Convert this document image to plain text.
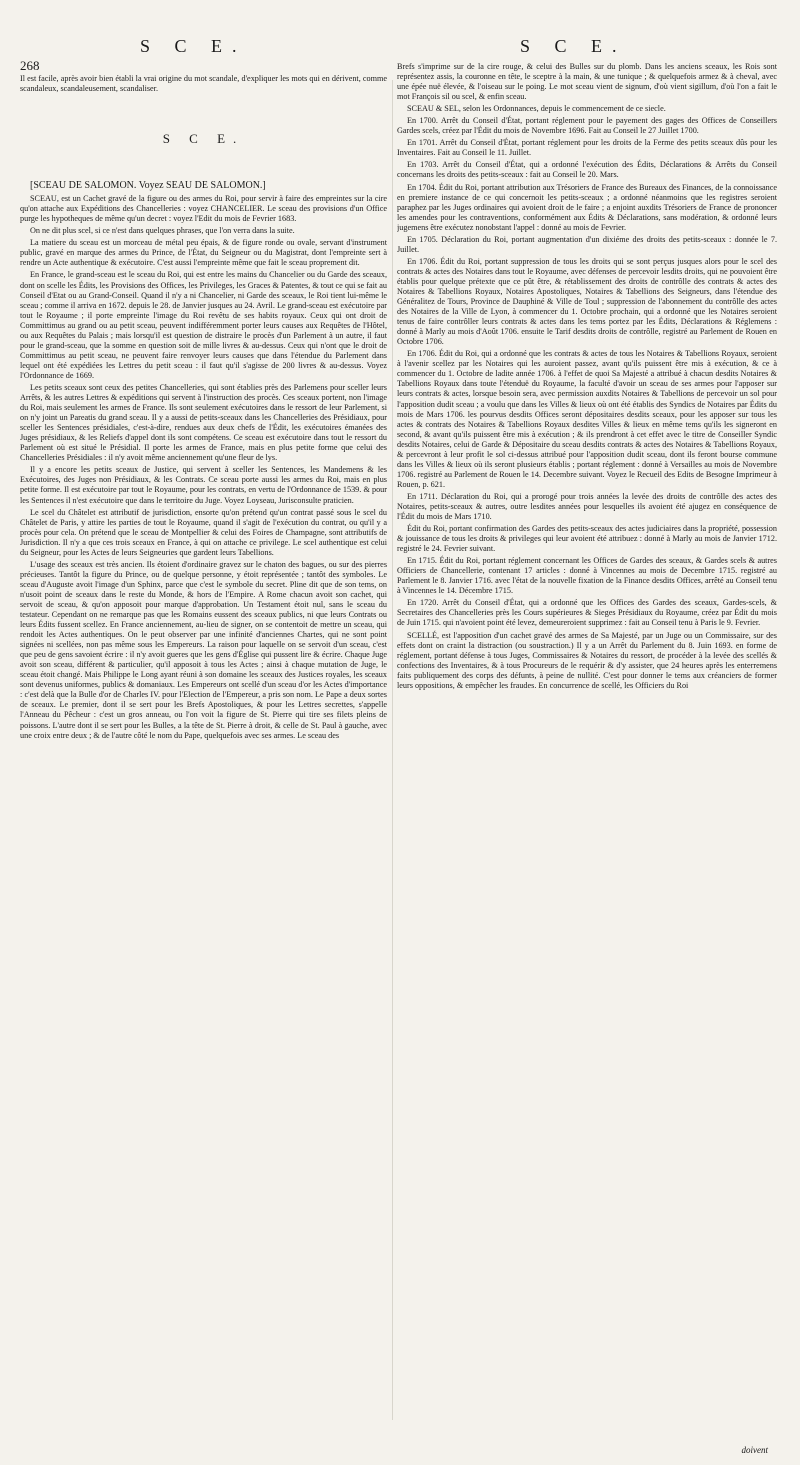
268
S C E.	S C E.

Il est facile, après avoir bien établi la vrai origine du mot scandale, d'expliquer les mots qui en dérivent, comme scandaleux, scandaleusement, scandaliser.

S C E.

[SCEAU DE SALOMON. Voyez SEAU DE SALOMON.]

SCEAU, est un Cachet gravé de la figure ou des armes du Roi, pour servir à faire des empreintes sur la cire qu'on attache aux Expéditions des Chancelleries : voyez CHANCELIER. Le sceau des provisions d'un Office purge les hypotheques de même qu'un decret : voyez l'Edit du mois de Fevrier 1683.

On ne dit plus scel, si ce n'est dans quelques phrases, que l'on verra dans la suite.

La matiere du sceau est un morceau de métal peu épais, & de figure ronde ou ovale, servant d'instrument public, gravé en marque des armes du Prince, de l'État, du Seigneur ou du Magistrat, dont l'empreinte sert à rendre un Acte authentique & exécutoire. C'est aussi l'empreinte même que fait le sceau proprement dit.

En France, le grand-sceau est le sceau du Roi, qui est entre les mains du Chancelier ou du Garde des sceaux, dont on scelle les Édits, les Provisions des Offices, les Privileges, les Graces & Patentes, & tout ce qui se fait au Conseil d'Etat ou au Grand-Conseil. Quand il n'y a ni Chancelier, ni Garde des sceaux, le Roi tient lui-même le sceau ; comme il arriva en 1672. depuis le 28. de Janvier jusques au 24. Avril. Le grand-sceau est exécutoire par tout le Royaume ; il porte empreinte l'image du Roi revêtu de ses habits royaux. Ceux qui ont droit de Committimus au grand ou au petit sceau, peuvent indifféremment porter leurs causes aux Requêtes de l'Hôtel, ou aux Requêtes du Palais ; mais lorsqu'il est question de distraire le procès d'un Parlement à un autre, il faut pour le grand-sceau, que la somme en question soit de mille livres & au-dessus. Ceux qui n'ont que le droit de Committimus au petit sceau, ne peuvent faire renvoyer leurs causes que dans l'étendue du Parlement dans lequel ont été expédiées les Lettres du petit sceau : il faut qu'il s'agisse de 200 livres & au-dessus. Voyez l'Ordonnance de 1669.

Les petits sceaux sont ceux des petites Chancelleries, qui sont établies près des Parlemens pour sceller leurs Arrêts, & les autres Lettres & expéditions qui servent à l'instruction des procès. Ces sceaux portent, non l'image du Roi, mais seulement les armes de France. Ils sont seulement exécutoires dans le ressort de leur Parlement, si on n'y joint un Pareatis du grand sceau. Il y a aussi de petits-sceaux dans les Chancelleries des Présidiaux, pour sceller les Sentences présidiales, c'est-à-dire, rendues aux deux chefs de l'Édit, les exécutoires émanées des Juges présidiaux, & les Reliefs d'appel dont ils sont compétens. Ce sceau est exécutoire dans tout le ressort du Parlement où est situé le Présidial. Il porte les armes de France, mais en plus petite forme que celui des Chancelleries Présidiales : il n'y avoit même anciennement qu'une fleur de lys.

Il y a encore les petits sceaux de Justice, qui servent à sceller les Sentences, les Mandemens & les Exécutoires, des Juges non Présidiaux, & les Contrats. Ce sceau porte aussi les armes du Roi, mais en plus petite forme. Il est exécutoire par tout le Royaume, pour les contrats, en vertu de l'Ordonnance de 1539. & pour les Sentences il n'est exécutoire que dans le territoire du Juge. Voyez Loyseau, Jurisconsulte praticien.

Le scel du Châtelet est attributif de jurisdiction, ensorte qu'on prétend qu'un contrat passé sous le scel du Châtelet de Paris, y attire les parties de tout le Royaume, quand il s'agit de l'exécution du contrat, ou qu'il y a procès pour cela. On prétend que le sceau de Montpellier & celui des Foires de Champagne, sont attributifs de Jurisdiction. Il n'y a que ces trois sceaux en France, à qui on attache ce privilege. Le scel authentique est celui du Seigneur, pour les Actes de leurs Seigneuries que gardent leurs Tabellions.

L'usage des sceaux est très ancien. Ils étoient d'ordinaire gravez sur le chaton des bagues, ou sur des pierres précieuses. Tantôt la figure du Prince, ou de quelque personne, y étoit représentée ; tantôt des symboles. Le sceau d'Auguste avoit l'image d'un Sphinx, parce que c'est le symbole du secret. Pline dit que de son tems, on n'usoit point de sceaux dans le reste du Monde, & hors de l'Empire. A Rome chacun avoit son cachet, qui servoit de sceau, & qu'on apposoit pour marque d'approbation. Un Testament étoit nul, sans le sceau du testateur. Cependant on ne remarque pas que les Romains eussent des sceaux publics, ni que leurs Contrats ou leurs Édits fussent scellez. En France anciennement, au-lieu de signer, on se contentoit de mettre un sceau, qui rendoit les Actes authentiques. On le peut observer par une infinité d'anciennes Chartes, qui ne sont point signées ni scellées, non pas même sous les Empereurs. La raison pour laquelle on se servoit d'un sceau, c'est que peu de gens savoient écrire : il n'y avoit gueres que les gens d'Église qui pussent lire & écrire. Chaque Juge avoit son sceau, différent & particulier, qu'il apposoit à tous les Actes ; ainsi à chaque mutation de Juge, le sceau étoit changé. Mais Philippe le Long ayant réuni à son domaine les sceaux des Justices royales, les sceaux sont devenus uniformes, publics & domaniaux. Les Empereurs ont scellé d'un sceau d'or les Actes d'importance : c'est delà que la Bulle d'or de Charles IV. pour l'Election de l'Empereur, a pris son nom. Le Pape a deux sortes de sceaux. Le premier, dont il se sert pour les Brefs Apostoliques, & pour les Lettres secrettes, s'appelle l'Anneau du Pêcheur : c'est un gros anneau, ou l'on voit la figure de St. Pierre qui tire ses filets pleins de poissons. L'autre dont il se sert pour les Bulles, a la tête de St. Pierre à droit, & celle de St. Paul à gauche, avec une croix entre deux ; & de l'autre côté le nom du Pape, quelquefois avec ses armes. Le sceau des

Brefs s'imprime sur de la cire rouge, & celui des Bulles sur du plomb. Dans les anciens sceaux, les Rois sont représentez assis, la couronne en tête, le sceptre à la main, & une tunique ; & quelquefois armez & à cheval, avec une épée nuë élevée, & l'oiseau sur le poing. Le mot sceau vient de signum, d'où vient sigillum, d'où l'on a fait le mot François sil ou scel, & enfin sceau.

SCEAU & SEL, selon les Ordonnances, depuis le commencement de ce siecle.

En 1700. Arrêt du Conseil d'État, portant réglement pour le payement des gages des Offices de Conseillers Gardes scels, créez par l'Édit du mois de Novembre 1696. Fait au Conseil le 27 Juillet 1700.

En 1701. Arrêt du Conseil d'État, portant réglement pour les droits de la Ferme des petits sceaux dûs pour les Inventaires. Fait au Conseil le 11. Juillet.

En 1703. Arrêt du Conseil d'État, qui a ordonné l'exécution des Édits, Déclarations & Arrêts du Conseil concernans les droits des petits-sceaux : fait au Conseil le 20. Mars.

En 1704. Édit du Roi, portant attribution aux Trésoriers de France des Bureaux des Finances, de la connoissance en premiere instance de ce qui concernoit les petits-sceaux ; a ordonné néanmoins que les registres seroient paraphez par les Juges ordinaires qui avoient droit de le faire ; a enjoint auxdits Trésoriers de France de prononcer les amendes pour les contraventions, conformément aux Édits & Déclarations, sans modération, & ordonné leurs jugemens être exécutez nonobstant l'appel : donné au mois de Fevrier.

En 1705. Déclaration du Roi, portant augmentation d'un dixiéme des droits des petits-sceaux : donnée le 7. Juillet.

En 1706. Édit du Roi, portant suppression de tous les droits qui se sont perçus jusques alors pour le scel des contrats & actes des Notaires dans tout le Royaume, avec défenses de percevoir lesdits droits, qui ne pouvoient être établis pour quelque prétexte que ce pût être, & rétablissement des droits de contrôlle des contrats & actes des Notaires & Tabellions Royaux, Notaires Apostoliques, Notaires & Tabellions des Seigneurs, dans l'étendue des Généralitez de Tours, Province de Dauphiné & Ville de Toul ; suppression de l'abonnement du contrôlle des actes des Notaires de la Ville de Lyon, à commencer du 1. Octobre prochain, qui a ordonné que les Notaires seroient tenus de faire contrôller leurs contrats & actes dans les tems portez par les Édits, Déclarations & Réglemens : donné à Marly au mois d'Août 1706. ensuite le Tarif desdits droits de contrôlle, registré au Parlement de Rouen en Octobre 1706.

En 1706. Édit du Roi, qui a ordonné que les contrats & actes de tous les Notaires & Tabellions Royaux, seroient à l'avenir scellez par les Notaires qui les auroient passez, avant qu'ils puissent être mis à exécution, & ce à commencer du 1. Octobre de ladite année 1706. à l'effet de quoi Sa Majesté a attribué à chacun desdits Notaires & Tabellions Royaux dans toute l'étenduë du Royaume, la faculté d'avoir un sceau de ses armes pour l'apposer sur leurs contrats & actes, lorsque besoin sera, avec permission auxdits Notaires & Tabellions de percevoir un sol pour l'apposition dudit sceau ; a voulu que dans les Villes & lieux où ont été établis des Syndics de Notaires par Édits du mois de Mars 1706. les pourvus desdits Offices seront dépositaires desdits sceaux, pour les apposer sur tous les actes & contrats des Notaires & Tabellions Royaux desdites Villes & lieux en même tems qu'ils les signeront en second, & avant qu'ils puissent être mis à exécution ; & ils prendront à cet effet avec le titre de Conseiller Syndic desdits Notaires, celui de Garde & Dépositaire du sceau desdits contrats & actes des Notaires & Tabellions Royaux, & percevront à leur profit le sol ci-dessus attribué pour l'apposition dudit sceau, dont ils feront bourse commune dans les Villes & lieux où ils seront plusieurs établis ; portant réglement : donné à Versailles au mois de Novembre 1706. registré au Parlement de Rouen le 14. Decembre suivant. Voyez le Recueil des Edits de Besogne Imprimeur à Rouen, p. 621.

En 1711. Déclaration du Roi, qui a prorogé pour trois années la levée des droits de contrôlle des actes des Notaires, petits-sceaux & autres, outre lesdites années pour lesquelles ils avoient été ajugez en conséquence de l'Édit du mois de Mars 1710.

Édit du Roi, portant confirmation des Gardes des petits-sceaux des actes judiciaires dans la propriété, possession & jouissance de tous les droits & privileges qui leur avoient été attribuez : donné à Marly au mois de Janvier 1712. registré le 24. Fevrier suivant.

En 1715. Édit du Roi, portant réglement concernant les Offices de Gardes des sceaux, & Gardes scels & autres Officiers de Chancellerie, contenant 17 articles : donné à Vincennes au mois de Decembre 1715. registré au Parlement le 8. Janvier 1716. avec l'état de la nouvelle fixation de la Finance desdits Offices, arrêté au Conseil tenu à Vincennes le 14. Décembre 1715.

En 1720. Arrêt du Conseil d'État, qui a ordonné que les Offices des Gardes des sceaux, Gardes-scels, & Secretaires des Chancelleries près les Cours supérieures & Sieges Présidiaux du Royaume, créez par Édit du mois de Juin 1715. qui n'avoient point été levez, demeureroient supprimez : fait au Conseil tenu à Paris le 9. Fevrier.

SCELLÉ, est l'apposition d'un cachet gravé des armes de Sa Majesté, par un Juge ou un Commissaire, sur des effets dont on craint la distraction (ou soustraction.) Il y a un Arrêt du Parlement du 8. Juin 1693. en forme de réglement, portant défense à tous Juges, Commissaires & Notaires du ressort, de procéder à la levée des scellés & confections des Inventaires, & à tous Procureurs de le requérir & d'y assister, que 24 heures après les enterremens faits publiquement des corps des défunts, à peine de nullité. C'est pour donner le tems aux créanciers de former leurs oppositions, & empêcher les fraudes. En concurrence de scellé, les Officiers du Roi

doivent
